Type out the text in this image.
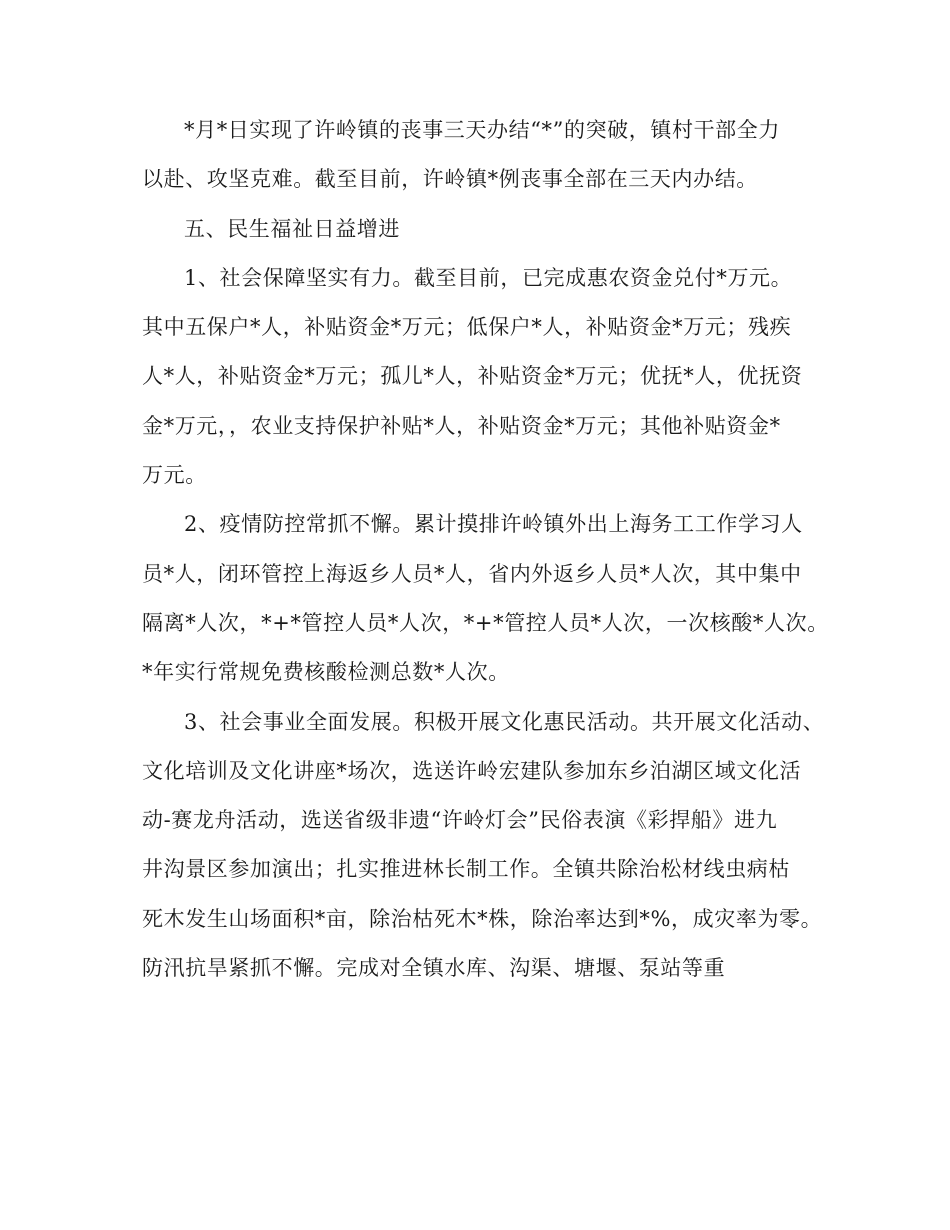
*月*日实现了许岭镇的丧事三天办结“*”的突破，镇村干部全力
以赴、攻坚克难。截至目前，许岭镇*例丧事全部在三天内办结。
五、民生福祉日益增进
1、社会保障坚实有力。截至目前，已完成惠农资金兑付*万元。
其中五保户*人，补贴资金*万元；低保户*人，补贴资金*万元；残疾
人*人，补贴资金*万元；孤儿*人，补贴资金*万元；优抚*人，优抚资
金*万元，，农业支持保护补贴*人，补贴资金*万元；其他补贴资金*
万元。
2、疫情防控常抓不懈。累计摸排许岭镇外出上海务工工作学习人
员*人，闭环管控上海返乡人员*人，省内外返乡人员*人次，其中集中
隔离*人次，*+*管控人员*人次，*+*管控人员*人次，一次核酸*人次。
*年实行常规免费核酸检测总数*人次。
3、社会事业全面发展。积极开展文化惠民活动。共开展文化活动、
文化培训及文化讲座*场次，选送许岭宏建队参加东乡泊湖区域文化活
动-赛龙舟活动，选送省级非遗“许岭灯会”民俗表演《彩捍船》进九
井沟景区参加演出；扎实推进林长制工作。全镇共除治松材线虫病枯
死木发生山场面积*亩，除治枯死木*株，除治率达到*%，成灾率为零。
防汛抗旱紧抓不懈。完成对全镇水库、沟渠、塘堰、泵站等重
